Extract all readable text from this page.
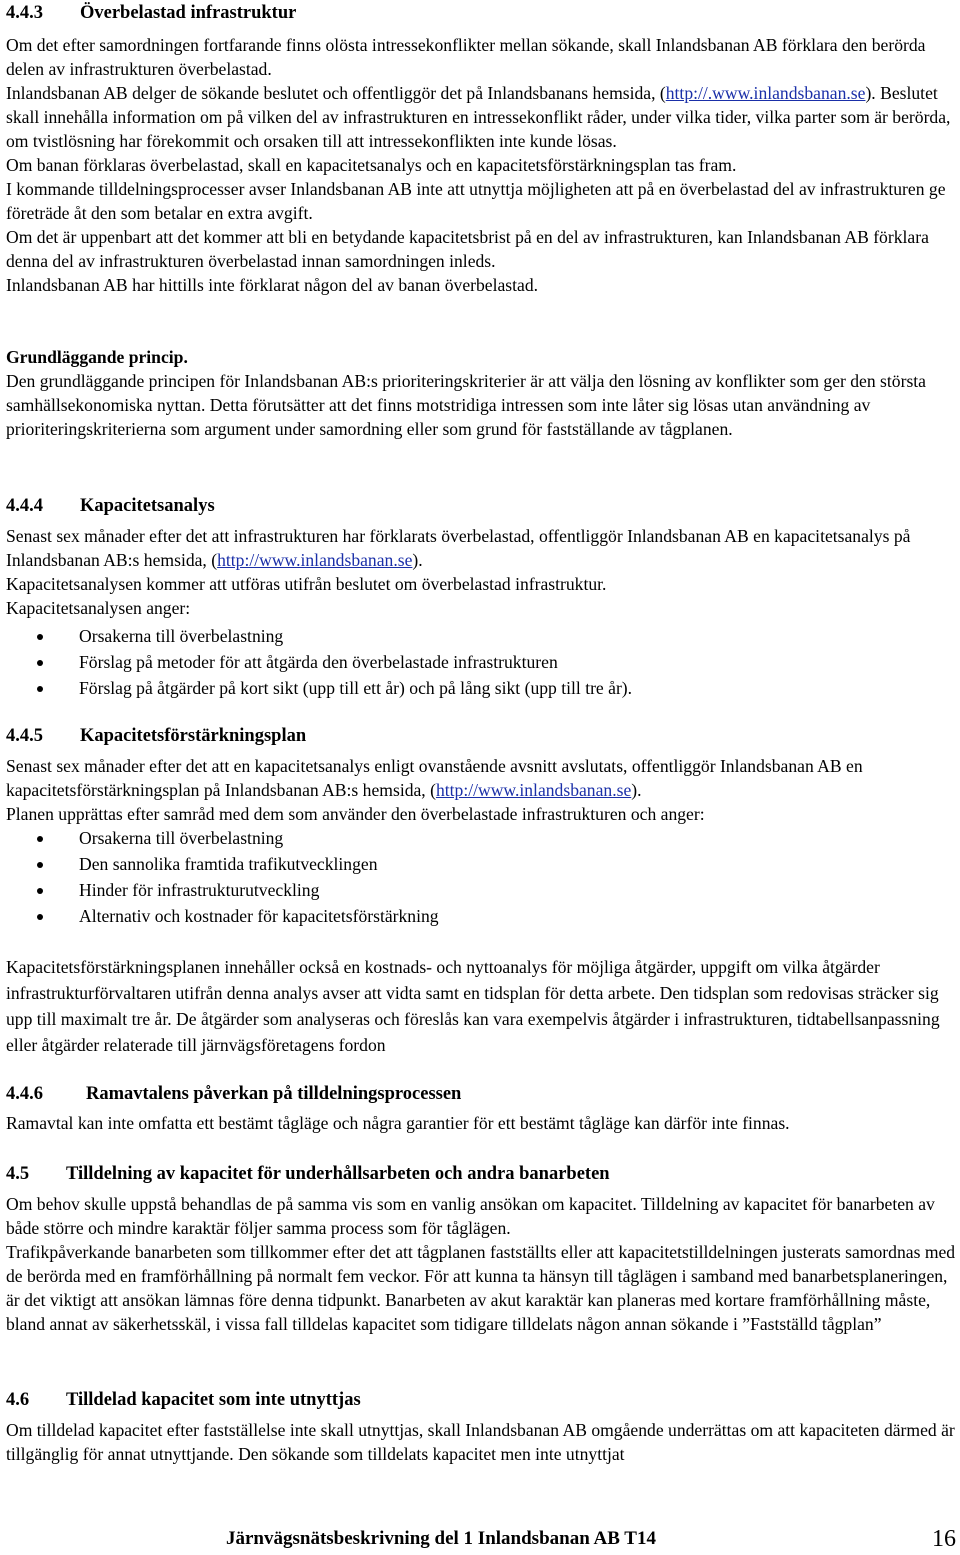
4.4.3 Överbelastad infrastruktur

Om det efter samordningen fortfarande finns olösta intressekonflikter mellan sökande, skall Inlandsbanan AB förklara den berörda delen av infrastrukturen överbelastad.

Inlandsbanan AB delger de sökande beslutet och offentliggör det på Inlandsbanans hemsida, (http://.www.inlandsbanan.se). Beslutet skall innehålla information om på vilken del av infrastrukturen en intressekonflikt råder, under vilka tider, vilka parter som är berörda, om tvistlösning har förekommit och orsaken till att intressekonflikten inte kunde lösas.

Om banan förklaras överbelastad, skall en kapacitetsanalys och en kapacitetsförstärkningsplan tas fram.

I kommande tilldelningsprocesser avser Inlandsbanan AB inte att utnyttja möjligheten att på en överbelastad del av infrastrukturen ge företräde åt den som betalar en extra avgift.

Om det är uppenbart att det kommer att bli en betydande kapacitetsbrist på en del av infrastrukturen, kan Inlandsbanan AB förklara denna del av infrastrukturen överbelastad innan samordningen inleds.

Inlandsbanan AB har hittills inte förklarat någon del av banan överbelastad.

Grundläggande princip.

Den grundläggande principen för Inlandsbanan AB:s prioriteringskriterier är att välja den lösning av konflikter som ger den största samhällsekonomiska nyttan. Detta förutsätter att det finns motstridiga intressen som inte låter sig lösas utan användning av prioriteringskriterierna som argument under samordning eller som grund för fastställande av tågplanen.

4.4.4 Kapacitetsanalys

Senast sex månader efter det att infrastrukturen har förklarats överbelastad, offentliggör Inlandsbanan AB en kapacitetsanalys på Inlandsbanan AB:s hemsida, (http://www.inlandsbanan.se).

Kapacitetsanalysen kommer att utföras utifrån beslutet om överbelastad infrastruktur.

Kapacitetsanalysen anger:

Orsakerna till överbelastning
Förslag på metoder för att åtgärda den överbelastade infrastrukturen
Förslag på åtgärder på kort sikt (upp till ett år) och på lång sikt (upp till tre år).
4.4.5 Kapacitetsförstärkningsplan

Senast sex månader efter det att en kapacitetsanalys enligt ovanstående avsnitt avslutats, offentliggör Inlandsbanan AB en kapacitetsförstärkningsplan på Inlandsbanan AB:s hemsida, (http://www.inlandsbanan.se).

Planen upprättas efter samråd med dem som använder den överbelastade infrastrukturen och anger:

Orsakerna till överbelastning
Den sannolika framtida trafikutvecklingen
Hinder för infrastrukturutveckling
Alternativ och kostnader för kapacitetsförstärkning

Kapacitetsförstärkningsplanen innehåller också en kostnads- och nyttoanalys för möjliga åtgärder, uppgift om vilka åtgärder infrastrukturförvaltaren utifrån denna analys avser att vidta samt en tidsplan för detta arbete. Den tidsplan som redovisas sträcker sig upp till maximalt tre år. De åtgärder som analyseras och föreslås kan vara exempelvis åtgärder i infrastrukturen, tidtabellsanpassning eller åtgärder relaterade till järnvägsföretagens fordon

4.4.6 Ramavtalens påverkan på tilldelningsprocessen

Ramavtal kan inte omfatta ett bestämt tågläge och några garantier för ett bestämt tågläge kan därför inte finnas.

4.5 Tilldelning av kapacitet för underhållsarbeten och andra banarbeten

Om behov skulle uppstå behandlas de på samma vis som en vanlig ansökan om kapacitet. Tilldelning av kapacitet för banarbeten av både större och mindre karaktär följer samma process som för tåglägen.

Trafikpåverkande banarbeten som tillkommer efter det att tågplanen fastställts eller att kapacitetstilldelningen justerats samordnas med de berörda med en framförhållning på normalt fem veckor. För att kunna ta hänsyn till tåglägen i samband med banarbetsplaneringen, är det viktigt att ansökan lämnas före denna tidpunkt. Banarbeten av akut karaktär kan planeras med kortare framförhållning måste, bland annat av säkerhetsskäl, i vissa fall tilldelas kapacitet som tidigare tilldelats någon annan sökande i ”Fastställd tågplan”

4.6 Tilldelad kapacitet som inte utnyttjas

Om tilldelad kapacitet efter fastställelse inte skall utnyttjas, skall Inlandsbanan AB omgående underrättas om att kapaciteten därmed är tillgänglig för annat utnyttjande. Den sökande som tilldelats kapacitet men inte utnyttjat

Järnvägsnätsbeskrivning del 1 Inlandsbanan AB T14	16
